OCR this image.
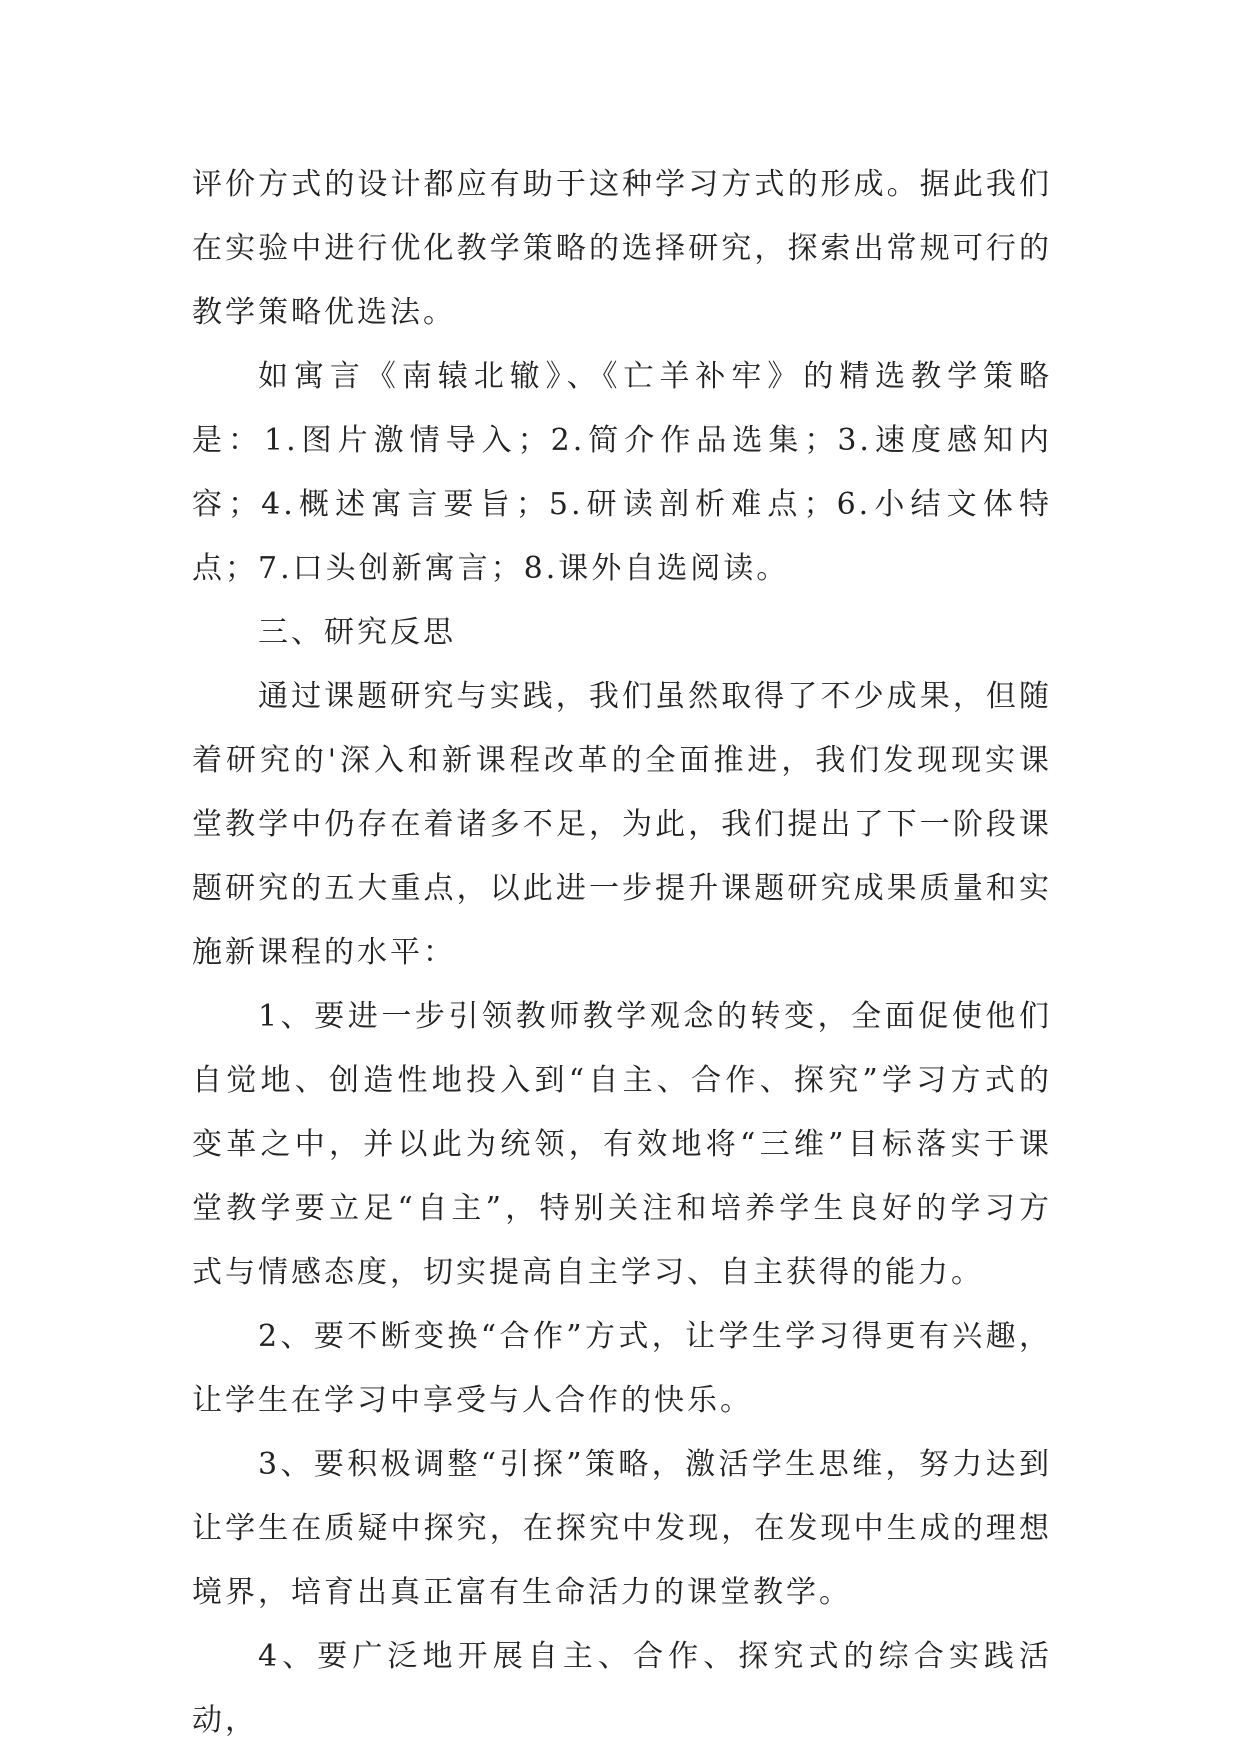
评价方式的设计都应有助于这种学习方式的形成。据此我们在实验中进行优化教学策略的选择研究，探索出常规可行的教学策略优选法。

如寓言《南辕北辙》、《亡羊补牢》的精选教学策略是：1.图片激情导入；2.简介作品选集；3.速度感知内容；4.概述寓言要旨；5.研读剖析难点；6.小结文体特点；7.口头创新寓言；8.课外自选阅读。

三、研究反思

通过课题研究与实践，我们虽然取得了不少成果，但随着研究的'深入和新课程改革的全面推进，我们发现现实课堂教学中仍存在着诸多不足，为此，我们提出了下一阶段课题研究的五大重点，以此进一步提升课题研究成果质量和实施新课程的水平：

1、要进一步引领教师教学观念的转变，全面促使他们自觉地、创造性地投入到“自主、合作、探究”学习方式的变革之中，并以此为统领，有效地将“三维”目标落实于课堂教学要立足“自主”，特别关注和培养学生良好的学习方式与情感态度，切实提高自主学习、自主获得的能力。

2、要不断变换“合作”方式，让学生学习得更有兴趣，让学生在学习中享受与人合作的快乐。

3、要积极调整“引探”策略，激活学生思维，努力达到让学生在质疑中探究，在探究中发现，在发现中生成的理想境界，培育出真正富有生命活力的课堂教学。

4、要广泛地开展自主、合作、探究式的综合实践活动，
